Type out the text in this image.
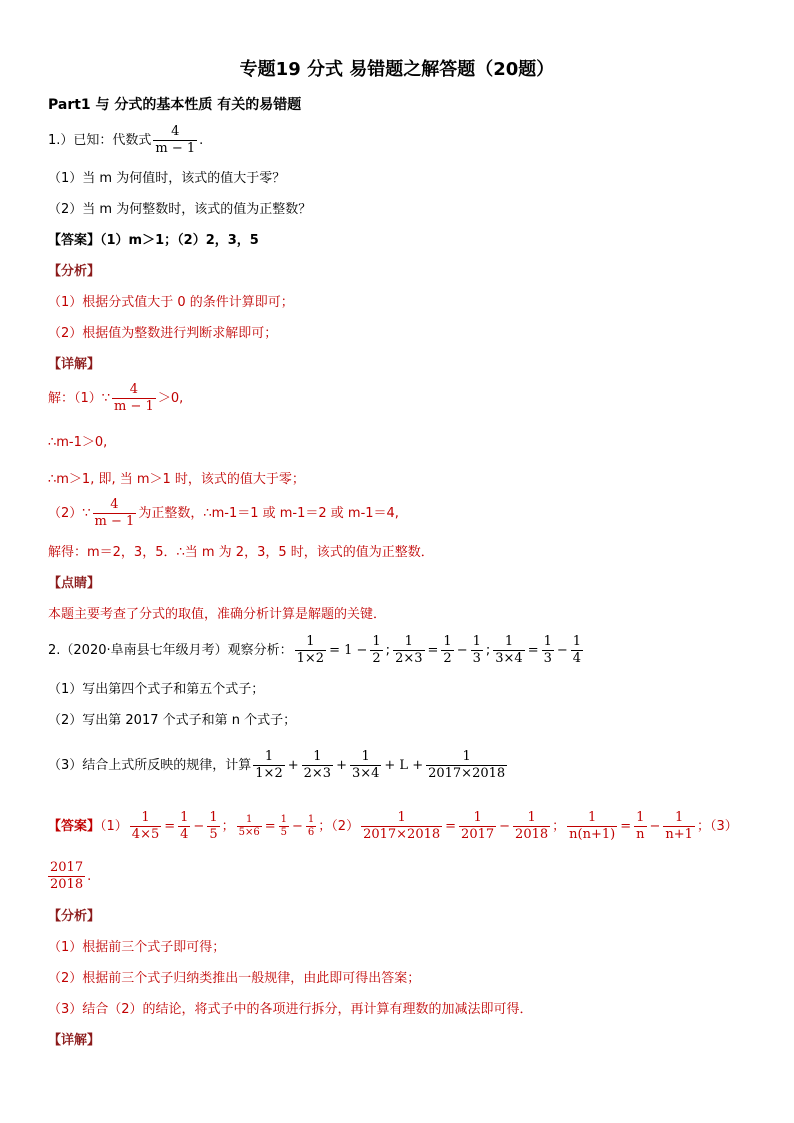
专题19 分式 易错题之解答题（20题）
Part1 与 分式的基本性质 有关的易错题
1.）已知：代数式 $\frac{4}{m - 1}$ .
（1）当 m 为何值时，该式的值大于零？
（2）当 m 为何整数时，该式的值为正整数？
【答案】（1）m＞1；（2）2，3，5
【分析】
（1）根据分式值大于 0 的条件计算即可；
（2）根据值为整数进行判断求解即可；
【详解】
解：（1）∵ $\frac{4}{m - 1} >0$,
∴m-1＞0,
∴m＞1, 即, 当 m＞1 时，该式的值大于零；
（2）∵ $\frac{4}{m - 1}$ 为正整数，∴m-1＝1 或 m-1＝2 或 m-1＝4,
解得：m＝2，3，5．∴当 m 为 2，3，5 时，该式的值为正整数．
【点睛】
本题主要考查了分式的取值，准确分析计算是解题的关键．
2.（2020·阜南县七年级月考）观察分析： $\frac{1}{1\times 2} = 1 - \frac{1}{2}$ ; $\frac{1}{2\times 3} = \frac{1}{2} - \frac{1}{3}$ ; $\frac{1}{3\times 4} = \frac{1}{3} - \frac{1}{4}$
（1）写出第四个式子和第五个式子；
（2）写出第 2017 个式子和第 n 个式子；
（3）结合上式所反映的规律，计算 $\frac{1}{1\times 2} + \frac{1}{2\times 3} + \frac{1}{3\times 4} + L + \frac{1}{2017\times 2018}$
【答案】$(1) \frac{1}{4\times 5} = \frac{1}{4} - \frac{1}{5}$ ； $\frac{1}{5\times 6} = \frac{1}{5} - \frac{1}{6}$ ；$(2) \frac{1}{2017\times 2018} = \frac{1}{2017} - \frac{1}{2018}$ ； $\frac{1}{n(n+1)} = \frac{1}{n} - \frac{1}{n+1}$ ；（3）
$\frac{2017}{2018}$ .
【分析】
（1）根据前三个式子即可得；
（2）根据前三个式子归纳类推出一般规律，由此即可得出答案；
（3）结合（2）的结论，将式子中的各项进行拆分，再计算有理数的加减法即可得．
【详解】
